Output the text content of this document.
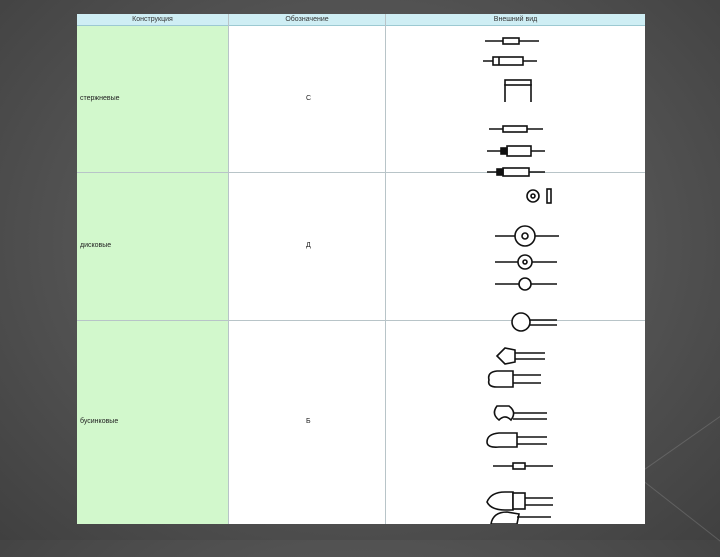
Конструкция	Обозначение	Внешний вид
стержневые	С
дисковые	Д
бусинковые	Б
